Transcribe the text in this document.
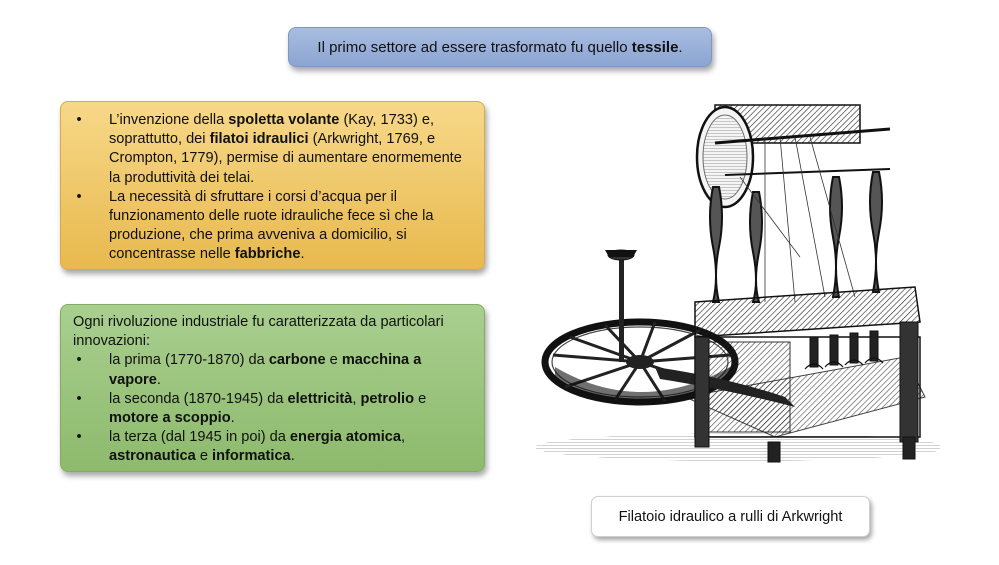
Il primo settore ad essere trasformato fu quello tessile.
• L’invenzione della spoletta volante (Kay, 1733) e, soprattutto, dei filatoi idraulici (Arkwright, 1769, e Crompton, 1779), permise di aumentare enormemente la produttività dei telai.
• La necessità di sfruttare i corsi d’acqua per il funzionamento delle ruote idrauliche fece sì che la produzione, che prima avveniva a domicilio, si concentrasse nelle fabbriche.

Ogni rivoluzione industriale fu caratterizzata da particolari innovazioni:

• la prima (1770-1870) da carbone e macchina a vapore.
• la seconda (1870-1945) da elettricità, petrolio e motore a scoppio.
• la terza (dal 1945 in poi) da energia atomica, astronautica e informatica.
Filatoio idraulico a rulli di Arkwright
